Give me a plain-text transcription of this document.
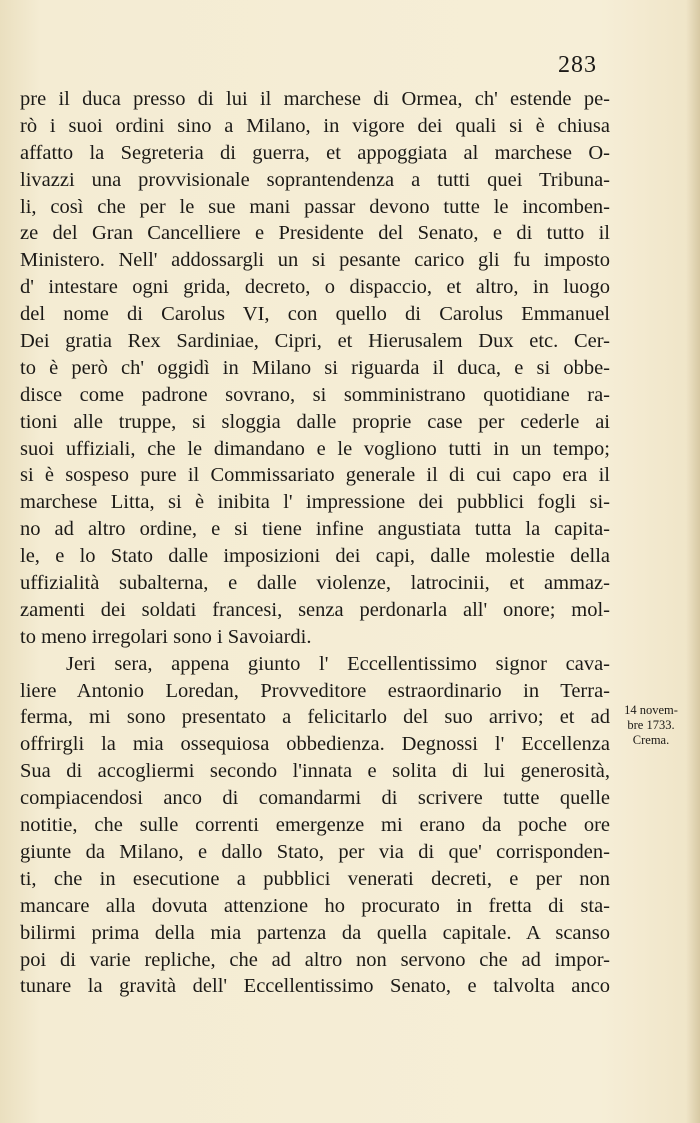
283
pre il duca presso di lui il marchese di Ormea, ch' estende pe-
rò i suoi ordini sino a Milano, in vigore dei quali si è chiusa
affatto la Segreteria di guerra, et appoggiata al marchese O-
livazzi una provvisionale soprantendenza a tutti quei Tribuna-
li, così che per le sue mani passar devono tutte le incomben-
ze del Gran Cancelliere e Presidente del Senato, e di tutto il
Ministero. Nell' addossargli un si pesante carico gli fu imposto
d' intestare ogni grida, decreto, o dispaccio, et altro, in luogo
del nome di Carolus VI, con quello di Carolus Emmanuel
Dei gratia Rex Sardiniae, Cipri, et Hierusalem Dux etc. Cer-
to è però ch' oggidì in Milano si riguarda il duca, e si obbe-
disce come padrone sovrano, si somministrano quotidiane ra-
tioni alle truppe, si sloggia dalle proprie case per cederle ai
suoi uffiziali, che le dimandano e le vogliono tutti in un tempo;
si è sospeso pure il Commissariato generale il di cui capo era il
marchese Litta, si è inibita l' impressione dei pubblici fogli si-
no ad altro ordine, e si tiene infine angustiata tutta la capita-
le, e lo Stato dalle imposizioni dei capi, dalle molestie della
uffizialità subalterna, e dalle violenze, latrocinii, et ammaz-
zamenti dei soldati francesi, senza perdonarla all' onore; mol-
to meno irregolari sono i Savoiardi.
Jeri sera, appena giunto l' Eccellentissimo signor cava-
liere Antonio Loredan, Provveditore estraordinario in Terra-
ferma, mi sono presentato a felicitarlo del suo arrivo; et ad
offrirgli la mia ossequiosa obbedienza. Degnossi l' Eccellenza
Sua di accogliermi secondo l'innata e solita di lui generosità,
compiacendosi anco di comandarmi di scrivere tutte quelle
notitie, che sulle correnti emergenze mi erano da poche ore
giunte da Milano, e dallo Stato, per via di que' corrisponden-
ti, che in esecutione a pubblici venerati decreti, e per non
mancare alla dovuta attenzione ho procurato in fretta di sta-
bilirmi prima della mia partenza da quella capitale. A scanso
poi di varie repliche, che ad altro non servono che ad impor-
tunare la gravità dell' Eccellentissimo Senato, e talvolta anco
14 novem-
bre 1733.
Crema.
